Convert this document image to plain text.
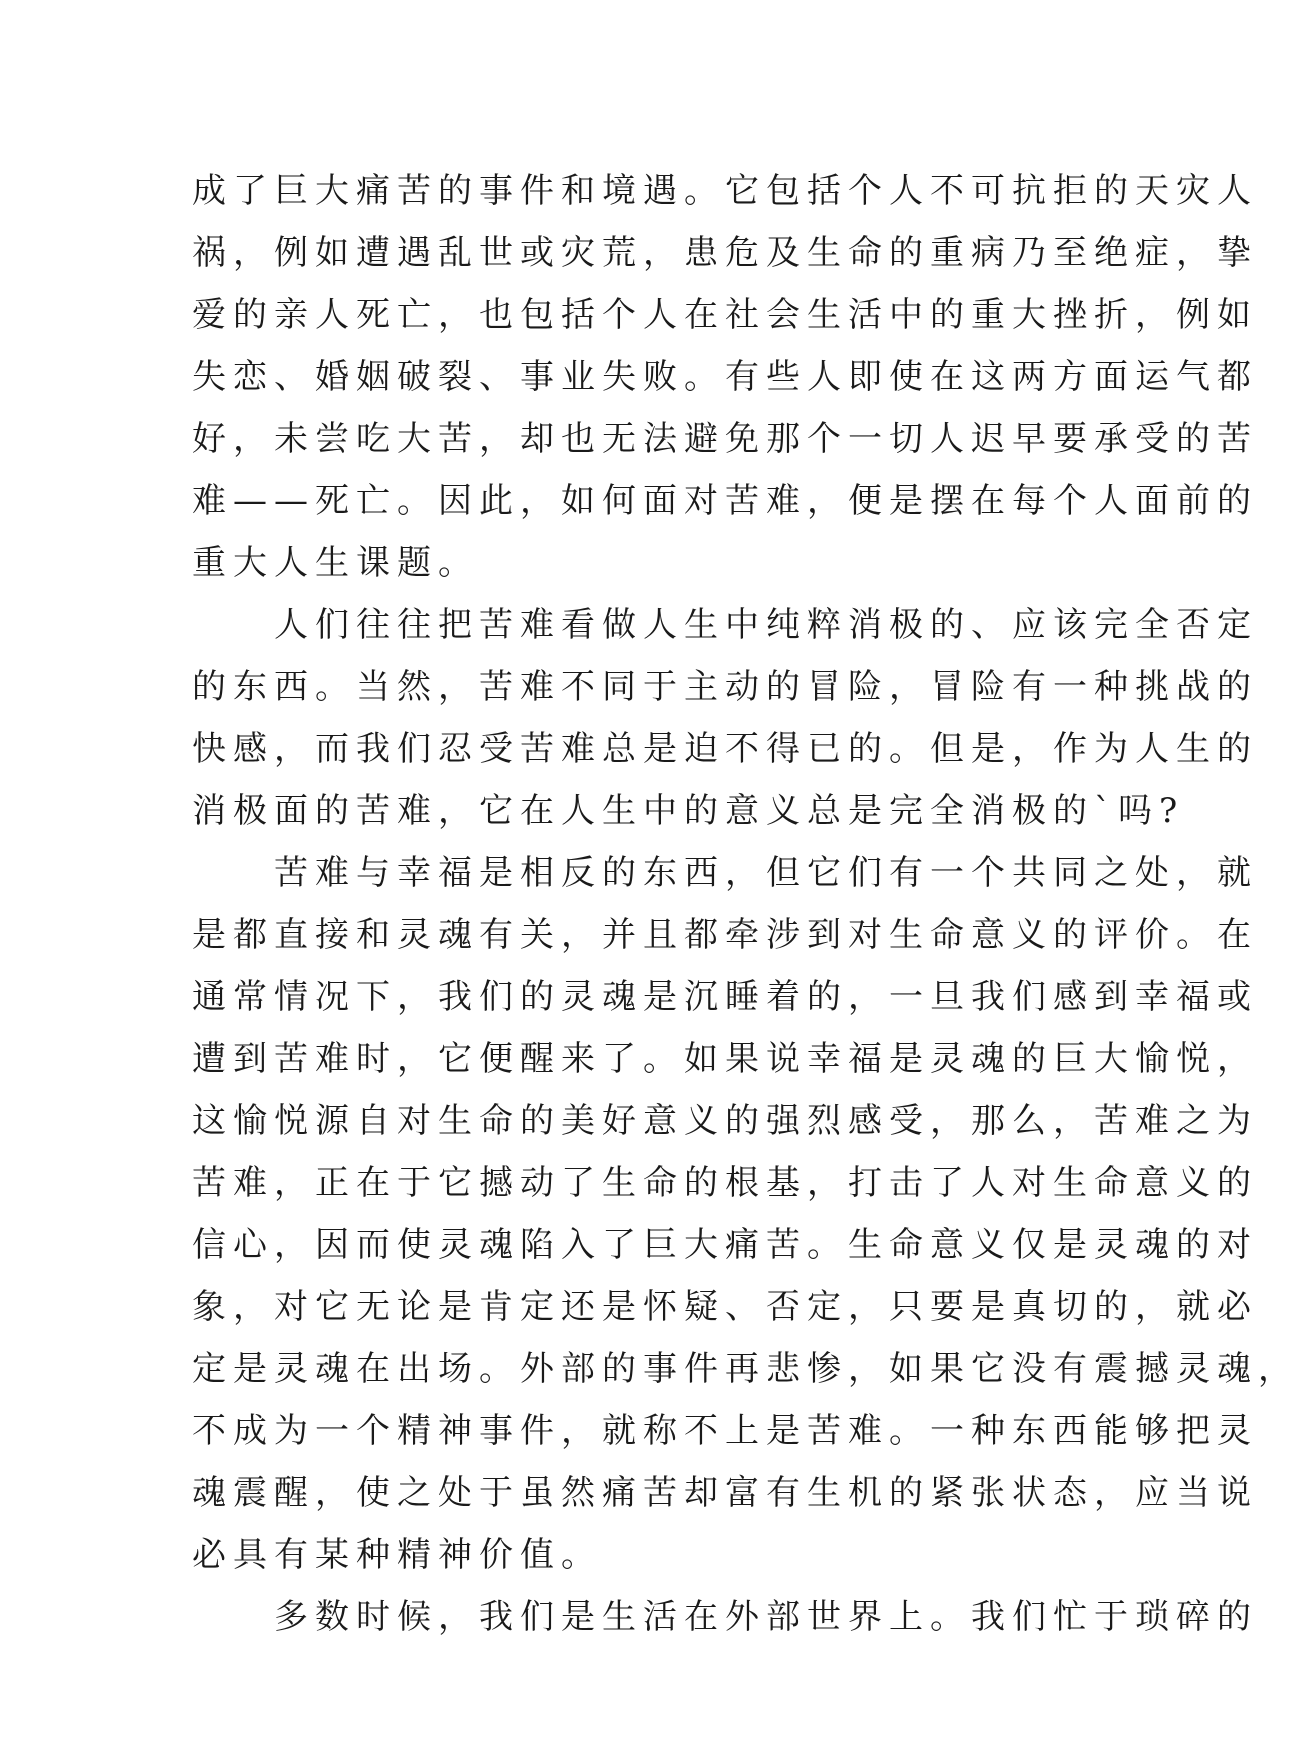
成了巨大痛苦的事件和境遇。它包括个人不可抗拒的天灾人
祸，例如遭遇乱世或灾荒，患危及生命的重病乃至绝症，挚
爱的亲人死亡，也包括个人在社会生活中的重大挫折，例如
失恋、婚姻破裂、事业失败。有些人即使在这两方面运气都
好，未尝吃大苦，却也无法避免那个一切人迟早要承受的苦
难——死亡。因此，如何面对苦难，便是摆在每个人面前的
重大人生课题。
人们往往把苦难看做人生中纯粹消极的、应该完全否定
的东西。当然，苦难不同于主动的冒险，冒险有一种挑战的
快感，而我们忍受苦难总是迫不得已的。但是，作为人生的
消极面的苦难，它在人生中的意义总是完全消极的`吗?
苦难与幸福是相反的东西，但它们有一个共同之处，就
是都直接和灵魂有关，并且都牵涉到对生命意义的评价。在
通常情况下，我们的灵魂是沉睡着的，一旦我们感到幸福或
遭到苦难时，它便醒来了。如果说幸福是灵魂的巨大愉悦，
这愉悦源自对生命的美好意义的强烈感受，那么，苦难之为
苦难，正在于它撼动了生命的根基，打击了人对生命意义的
信心，因而使灵魂陷入了巨大痛苦。生命意义仅是灵魂的对
象，对它无论是肯定还是怀疑、否定，只要是真切的，就必
定是灵魂在出场。外部的事件再悲惨，如果它没有震撼灵魂，
不成为一个精神事件，就称不上是苦难。一种东西能够把灵
魂震醒，使之处于虽然痛苦却富有生机的紧张状态，应当说
必具有某种精神价值。
多数时候，我们是生活在外部世界上。我们忙于琐碎的
